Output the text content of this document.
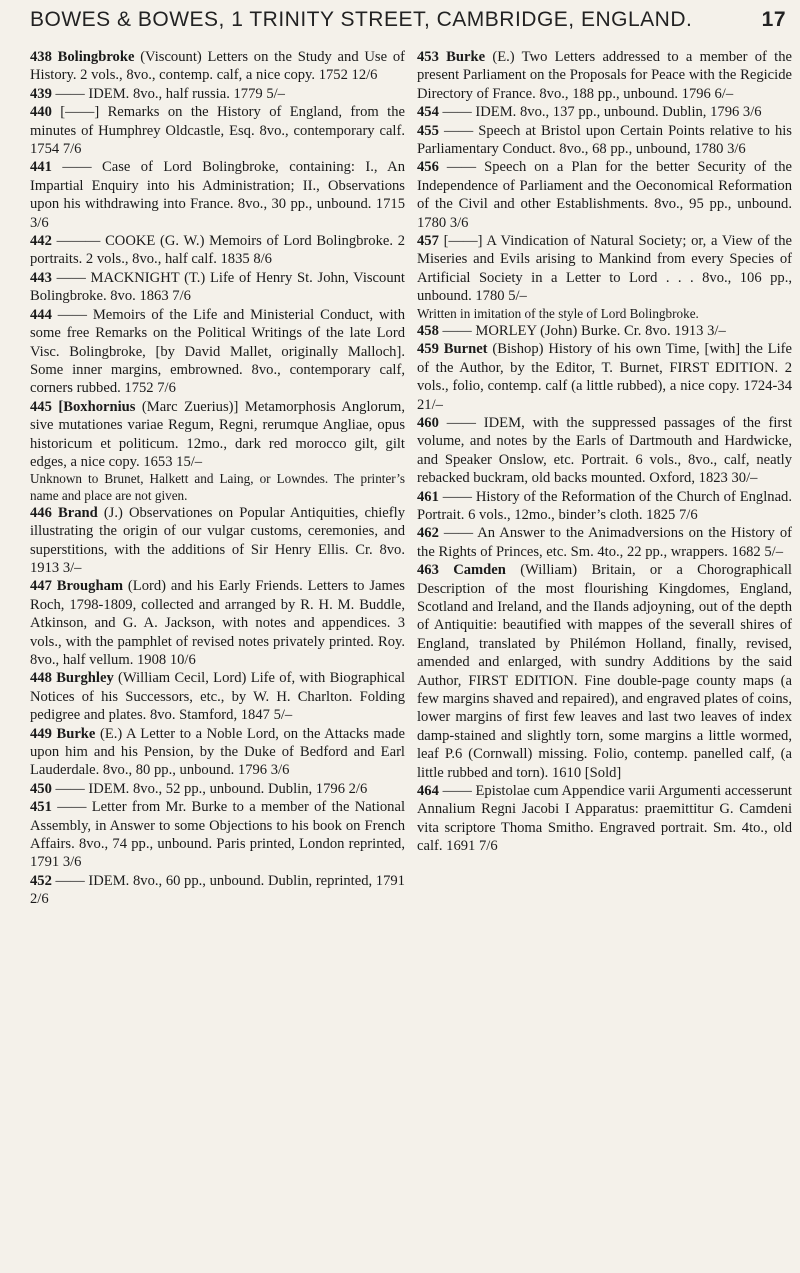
BOWES & BOWES, 1 TRINITY STREET, CAMBRIDGE, ENGLAND.	17
438 Bolingbroke (Viscount) Letters on the Study and Use of History. 2 vols., 8vo., contemp. calf, a nice copy. 1752 12/6
439 —— IDEM. 8vo., half russia. 1779 5/–
440 [——] Remarks on the History of England, from the minutes of Humphrey Oldcastle, Esq. 8vo., contemporary calf. 1754 7/6
441 —— Case of Lord Bolingbroke, containing: I., An Impartial Enquiry into his Administration; II., Observations upon his withdrawing into France. 8vo., 30 pp., unbound. 1715 3/6
442 ——— COOKE (G. W.) Memoirs of Lord Bolingbroke. 2 portraits. 2 vols., 8vo., half calf. 1835 8/6
443 —— MACKNIGHT (T.) Life of Henry St. John, Viscount Bolingbroke. 8vo. 1863 7/6
444 —— Memoirs of the Life and Ministerial Conduct, with some free Remarks on the Political Writings of the late Lord Visc. Bolingbroke, [by David Mallet, originally Malloch]. Some inner margins, embrowned. 8vo., contemporary calf, corners rubbed. 1752 7/6
445 [Boxhornius (Marc Zuerius)] Metamorphosis Anglorum, sive mutationes variae Regum, Regni, rerumque Angliae, opus historicum et politicum. 12mo., dark red morocco gilt, gilt edges, a nice copy. 1653 15/–
Unknown to Brunet, Halkett and Laing, or Lowndes. The printer’s name and place are not given.
446 Brand (J.) Observationes on Popular Antiquities, chiefly illustrating the origin of our vulgar customs, ceremonies, and superstitions, with the additions of Sir Henry Ellis. Cr. 8vo. 1913 3/–
447 Brougham (Lord) and his Early Friends. Letters to James Roch, 1798-1809, collected and arranged by R. H. M. Buddle, Atkinson, and G. A. Jackson, with notes and appendices. 3 vols., with the pamphlet of revised notes privately printed. Roy. 8vo., half vellum. 1908 10/6
448 Burghley (William Cecil, Lord) Life of, with Biographical Notices of his Successors, etc., by W. H. Charlton. Folding pedigree and plates. 8vo. Stamford, 1847 5/–
449 Burke (E.) A Letter to a Noble Lord, on the Attacks made upon him and his Pension, by the Duke of Bedford and Earl Lauderdale. 8vo., 80 pp., unbound. 1796 3/6
450 —— IDEM. 8vo., 52 pp., unbound. Dublin, 1796 2/6
451 —— Letter from Mr. Burke to a member of the National Assembly, in Answer to some Objections to his book on French Affairs. 8vo., 74 pp., unbound. Paris printed, London reprinted, 1791 3/6
452 —— IDEM. 8vo., 60 pp., unbound. Dublin, reprinted, 1791 2/6
453 Burke (E.) Two Letters addressed to a member of the present Parliament on the Proposals for Peace with the Regicide Directory of France. 8vo., 188 pp., unbound. 1796 6/–
454 —— IDEM. 8vo., 137 pp., unbound. Dublin, 1796 3/6
455 —— Speech at Bristol upon Certain Points relative to his Parliamentary Conduct. 8vo., 68 pp., unbound, 1780 3/6
456 —— Speech on a Plan for the better Security of the Independence of Parliament and the Oeconomical Reformation of the Civil and other Establishments. 8vo., 95 pp., unbound. 1780 3/6
457 [——] A Vindication of Natural Society; or, a View of the Miseries and Evils arising to Mankind from every Species of Artificial Society in a Letter to Lord . . . 8vo., 106 pp., unbound. 1780 5/–
Written in imitation of the style of Lord Bolingbroke.
458 —— MORLEY (John) Burke. Cr. 8vo. 1913 3/–
459 Burnet (Bishop) History of his own Time, [with] the Life of the Author, by the Editor, T. Burnet, FIRST EDITION. 2 vols., folio, contemp. calf (a little rubbed), a nice copy. 1724-34 21/–
460 —— IDEM, with the suppressed passages of the first volume, and notes by the Earls of Dartmouth and Hardwicke, and Speaker Onslow, etc. Portrait. 6 vols., 8vo., calf, neatly rebacked buckram, old backs mounted. Oxford, 1823 30/–
461 —— History of the Reformation of the Church of Englnad. Portrait. 6 vols., 12mo., binder’s cloth. 1825 7/6
462 —— An Answer to the Animadversions on the History of the Rights of Princes, etc. Sm. 4to., 22 pp., wrappers. 1682 5/–
463 Camden (William) Britain, or a Chorographicall Description of the most flourishing Kingdomes, England, Scotland and Ireland, and the Ilands adjoyning, out of the depth of Antiquitie: beautified with mappes of the severall shires of England, translated by Philémon Holland, finally, revised, amended and enlarged, with sundry Additions by the said Author, FIRST EDITION. Fine double-page county maps (a few margins shaved and repaired), and engraved plates of coins, lower margins of first few leaves and last two leaves of index damp-stained and slightly torn, some margins a little wormed, leaf P.6 (Cornwall) missing. Folio, contemp. panelled calf, (a little rubbed and torn). 1610 [Sold]
464 —— Epistolae cum Appendice varii Argumenti accesserunt Annalium Regni Jacobi I Apparatus: praemittitur G. Camdeni vita scriptore Thoma Smitho. Engraved portrait. Sm. 4to., old calf. 1691 7/6
